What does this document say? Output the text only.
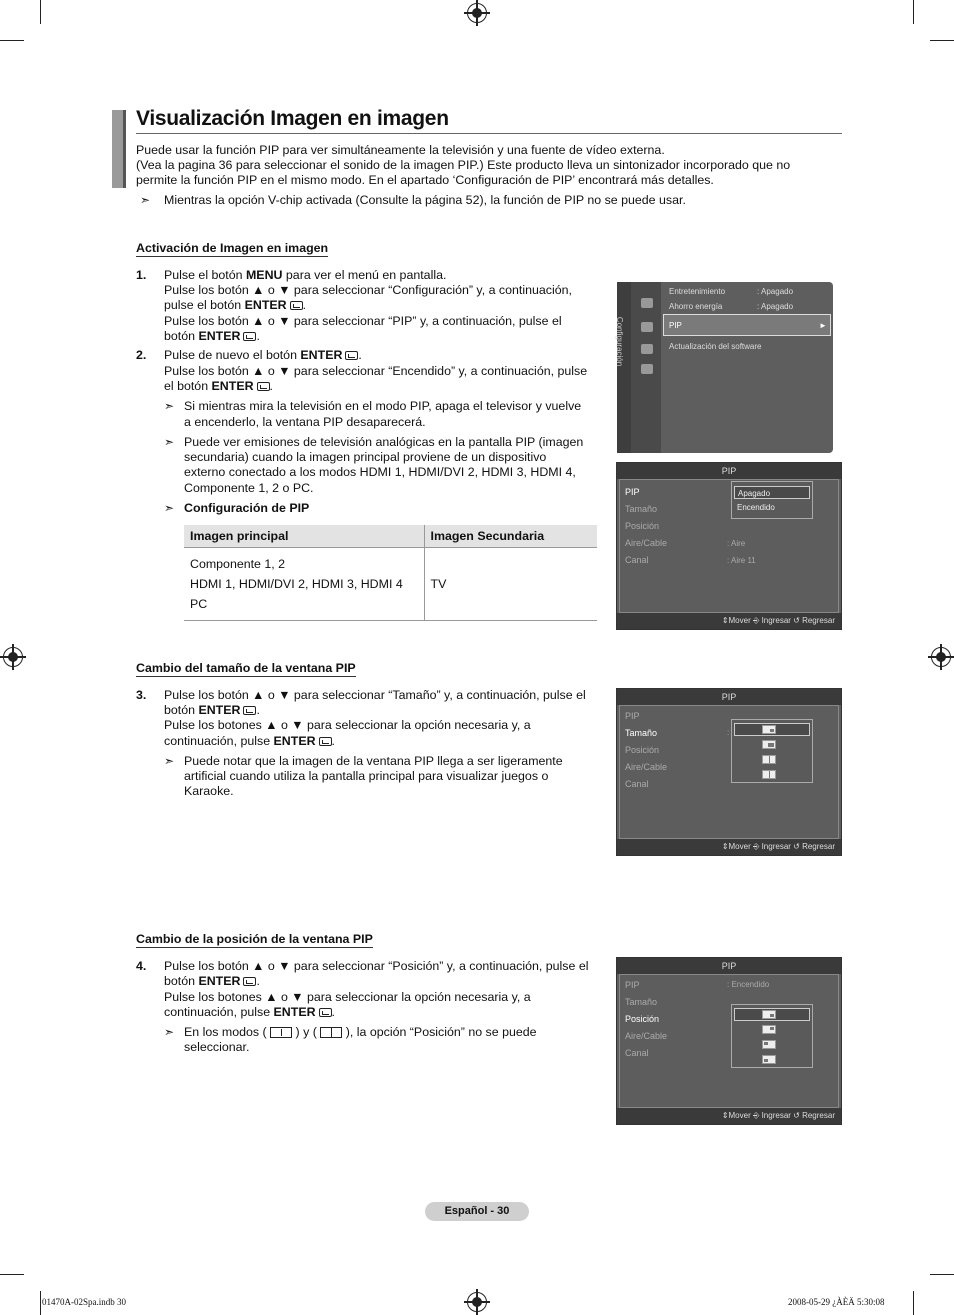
Visualización Imagen en imagen
Puede usar la función PIP para ver simultáneamente la televisión y una fuente de vídeo externa.
(Vea la pagina 36 para seleccionar el sonido de la imagen PIP.) Este producto lleva un sintonizador incorporado que no
permite la función PIP en el mismo modo. En el apartado ‘Configuración de PIP’ encontrará más detalles.
➣ Mientras la opción V-chip activada (Consulte la página 52), la función de PIP no se puede usar.
Activación de Imagen en imagen
1. Pulse el botón MENU para ver el menú en pantalla.
Pulse los botón ▲ o ▼ para seleccionar “Configuración” y, a continuación,
pulse el botón ENTER .
Pulse los botón ▲ o ▼ para seleccionar “PIP” y, a continuación, pulse el
botón ENTER .
2. Pulse de nuevo el botón ENTER .
Pulse los botón ▲ o ▼ para seleccionar “Encendido” y, a continuación, pulse
el botón ENTER .
➣ Si mientras mira la televisión en el modo PIP, apaga el televisor y vuelve
a encenderlo, la ventana PIP desaparecerá.
➣ Puede ver emisiones de televisión analógicas en la pantalla PIP (imagen
secundaria) cuando la imagen principal proviene de un dispositivo
externo conectado a los modos HDMI 1, HDMI/DVI 2, HDMI 3, HDMI 4,
Componente 1, 2 o PC.
➣ Configuración de PIP
Imagen principal	Imagen Secundaria

Componente 1, 2
HDMI 1, HDMI/DVI 2, HDMI 3, HDMI 4
PC	TV
Configuración
Entretenimiento	: Apagado
Ahorro energía	: Apagado
PIP	►
Actualización del software
PIP
PIP
Tamaño
Posición
Aire/Cable
Canal
: Aire
: Aire 11
Apagado
Encendido
⇕Mover ⎆ Ingresar ↺ Regresar
Cambio del tamaño de la ventana PIP
3. Pulse los botón ▲ o ▼ para seleccionar “Tamaño” y, a continuación, pulse el
botón ENTER .
Pulse los botones ▲ o ▼ para seleccionar la opción necesaria y, a
continuación, pulse ENTER .
➣ Puede notar que la imagen de la ventana PIP llega a ser ligeramente
artificial cuando utiliza la pantalla principal para visualizar juegos o
Karaoke.
PIP
PIP
Tamaño
Posición
Aire/Cable
Canal
:
⇕Mover ⎆ Ingresar ↺ Regresar
Cambio de la posición de la ventana PIP
4. Pulse los botón ▲ o ▼ para seleccionar “Posición” y, a continuación, pulse el
botón ENTER .
Pulse los botones ▲ o ▼ para seleccionar la opción necesaria y, a
continuación, pulse ENTER .
➣ En los modos (  ) y (  ), la opción “Posición” no se puede
seleccionar.
PIP
PIP
Tamaño
Posición
Aire/Cable
Canal
: Encendido
⇕Mover ⎆ Ingresar ↺ Regresar
Español - 30
01470A-02Spa.indb 30	2008-05-29 ¿ÀÈÄ 5:30:08
